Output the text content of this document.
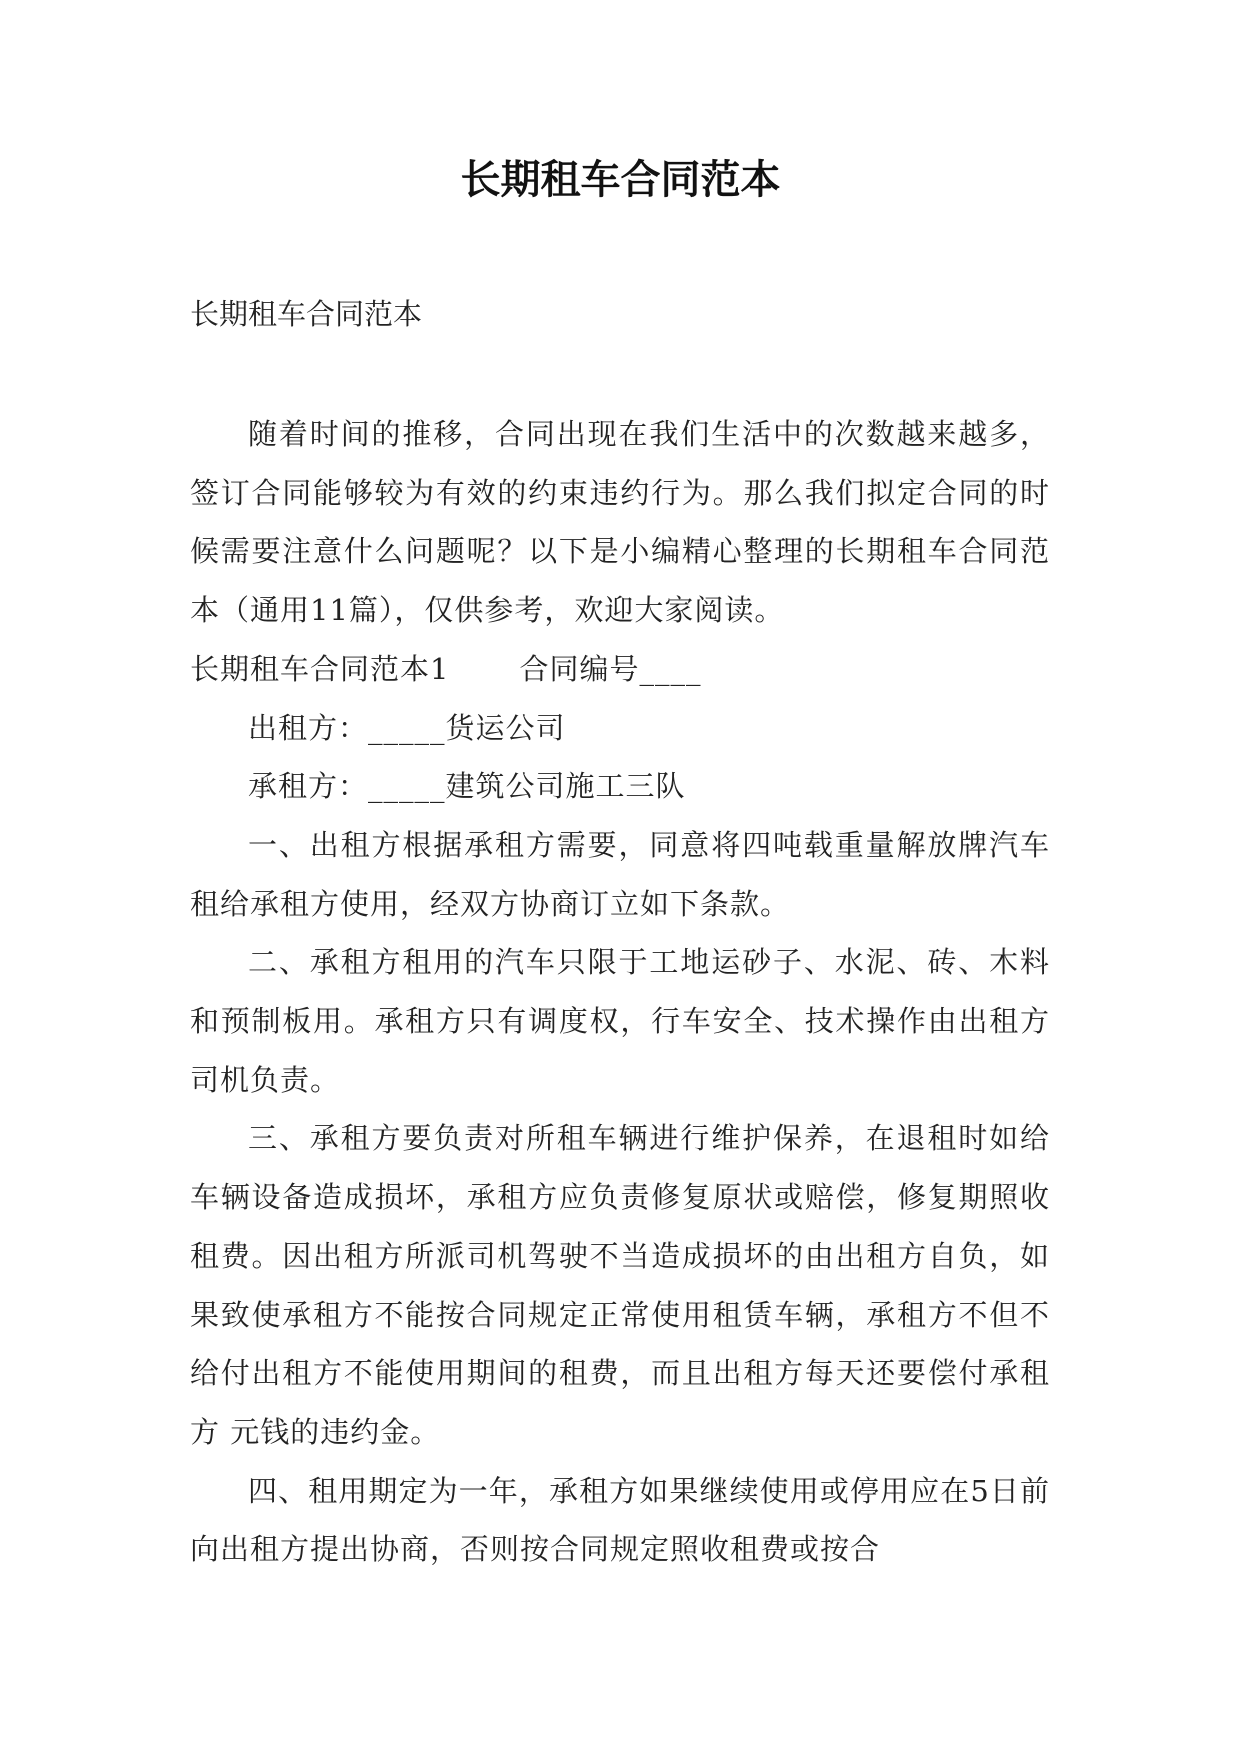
长期租车合同范本

长期租车合同范本

随着时间的推移，合同出现在我们生活中的次数越来越多，签订合同能够较为有效的约束违约行为。那么我们拟定合同的时候需要注意什么问题呢？以下是小编精心整理的长期租车合同范本（通用11篇），仅供参考，欢迎大家阅读。

长期租车合同范本1 合同编号____

出租方：_____货运公司

承租方：_____建筑公司施工三队

一、出租方根据承租方需要，同意将四吨载重量解放牌汽车租给承租方使用，经双方协商订立如下条款。

二、承租方租用的汽车只限于工地运砂子、水泥、砖、木料和预制板用。承租方只有调度权，行车安全、技术操作由出租方司机负责。

三、承租方要负责对所租车辆进行维护保养，在退租时如给车辆设备造成损坏，承租方应负责修复原状或赔偿，修复期照收租费。因出租方所派司机驾驶不当造成损坏的由出租方自负，如果致使承租方不能按合同规定正常使用租赁车辆，承租方不但不给付出租方不能使用期间的租费，而且出租方每天还要偿付承租方 元钱的违约金。

四、租用期定为一年，承租方如果继续使用或停用应在5日前向出租方提出协商，否则按合同规定照收租费或按合
